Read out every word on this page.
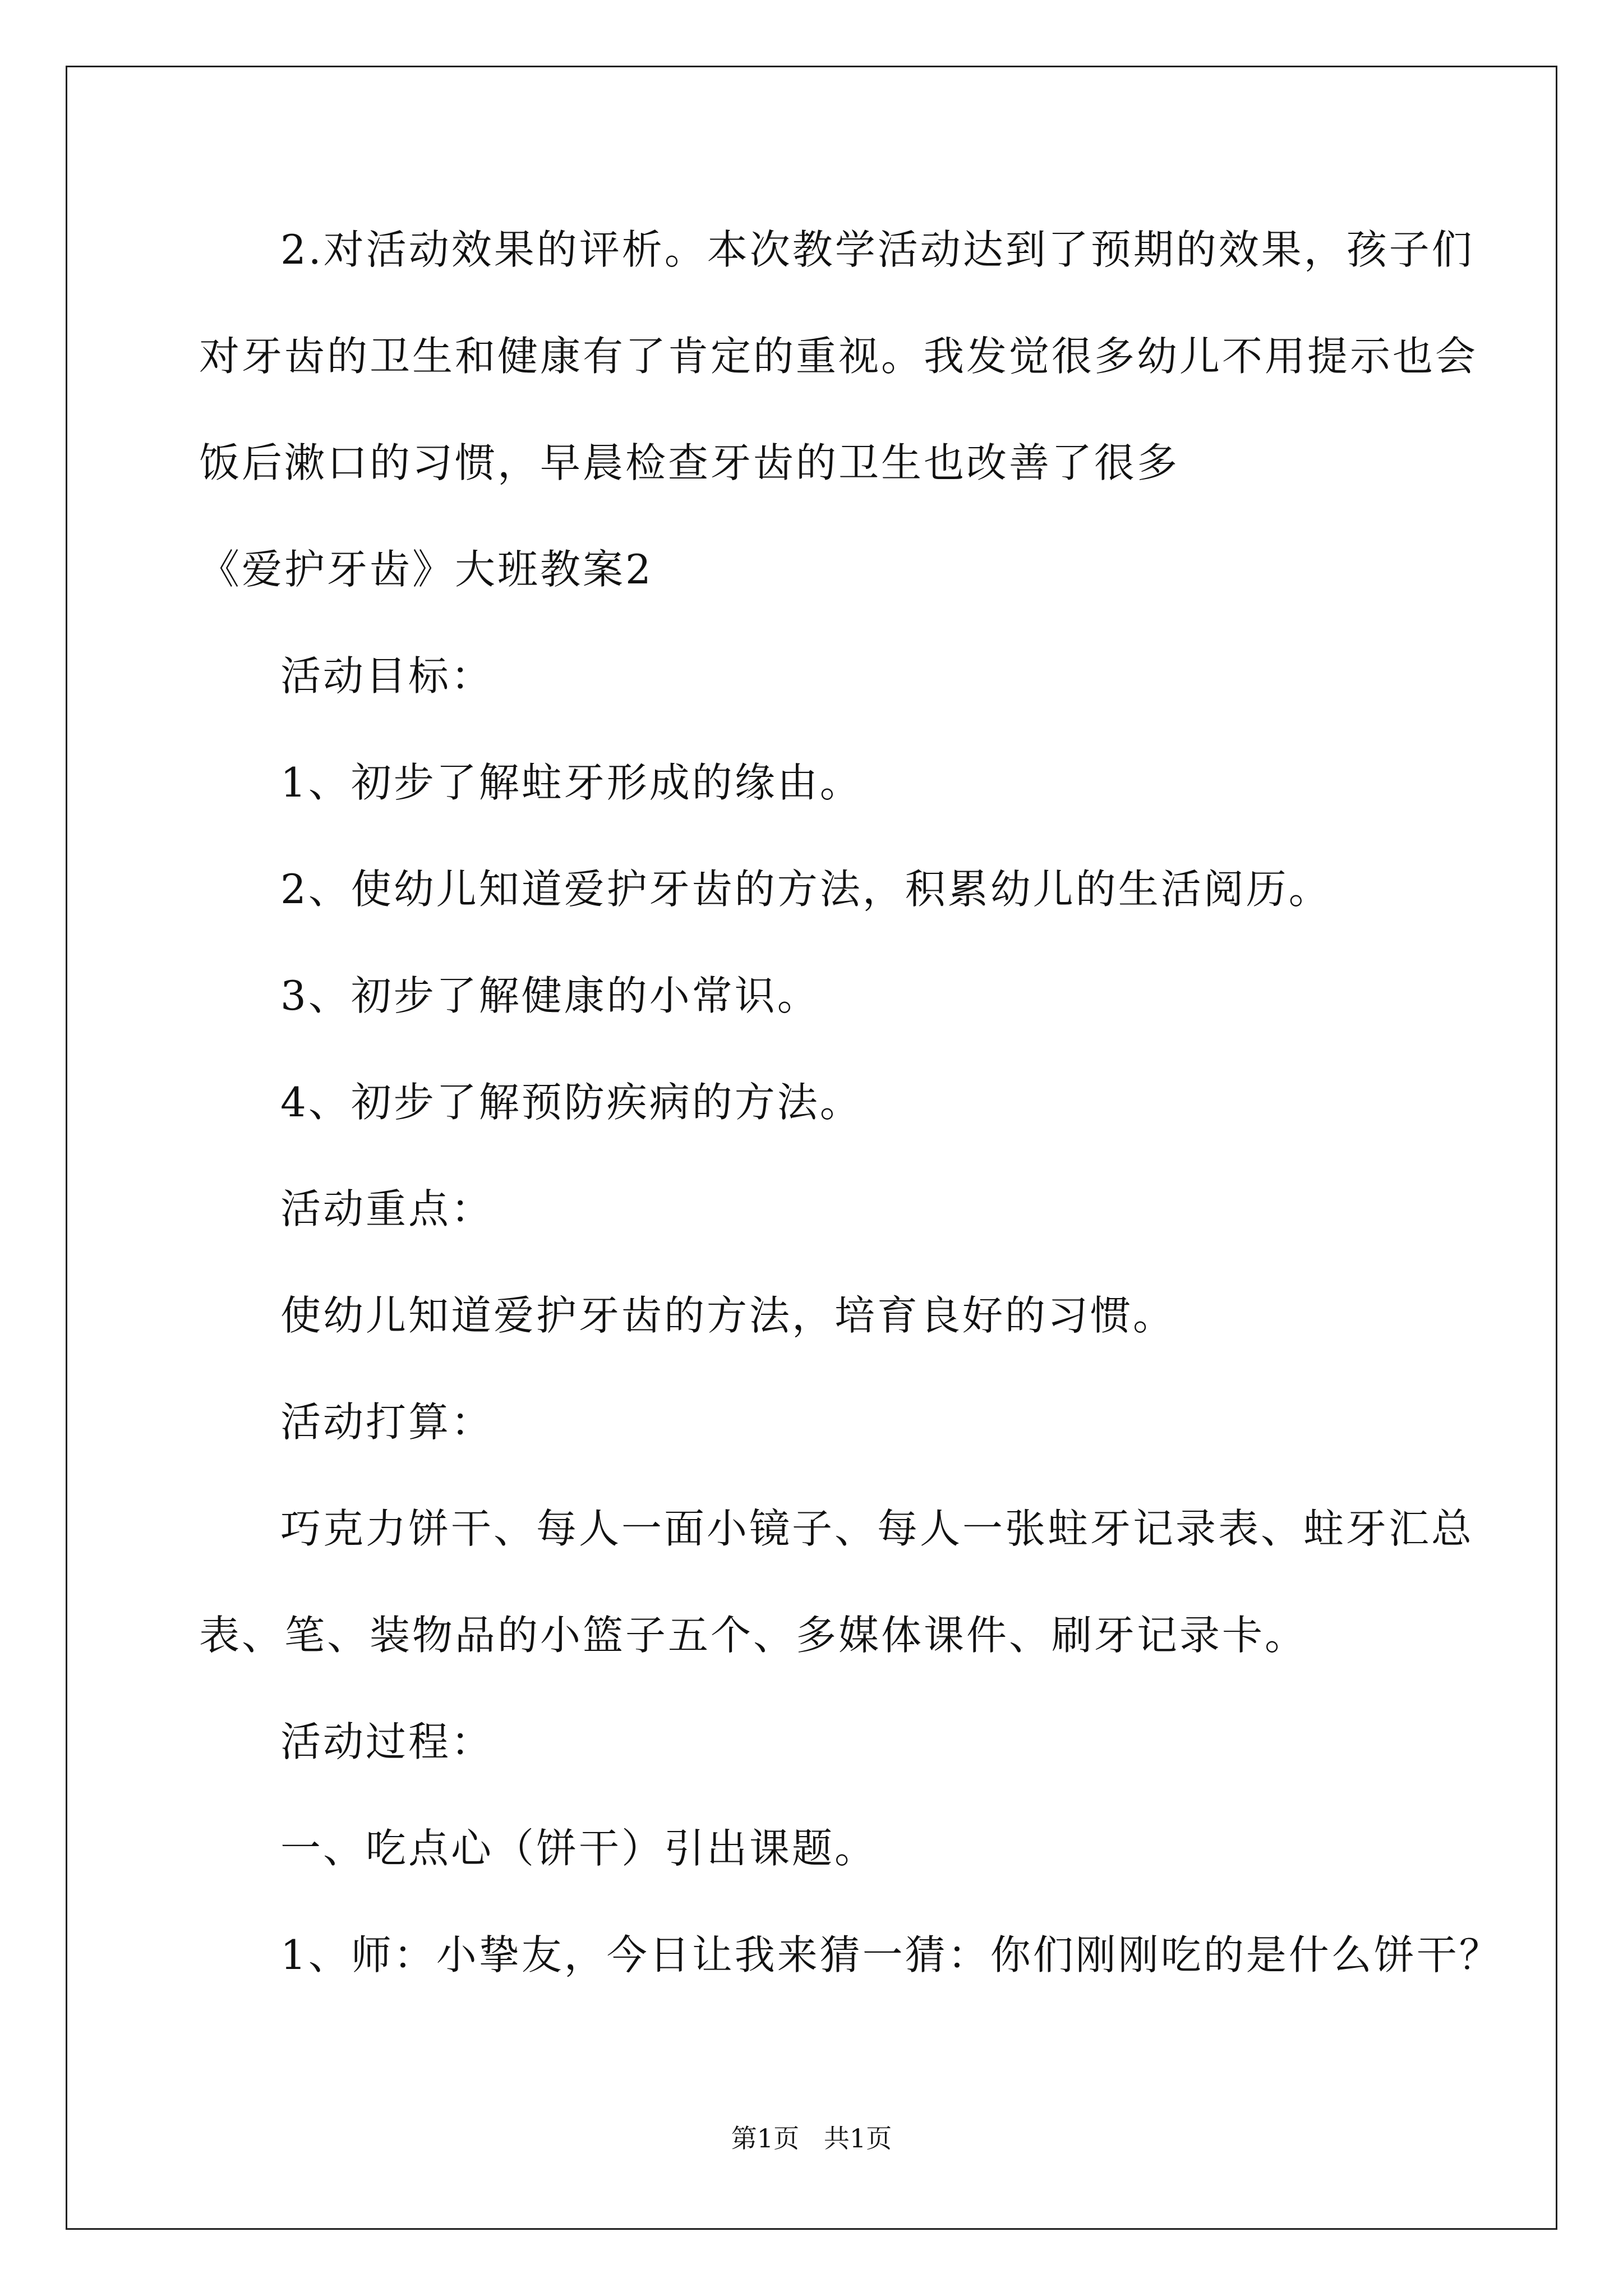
2.对活动效果的评析。本次教学活动达到了预期的效果，孩子们
对牙齿的卫生和健康有了肯定的重视。我发觉很多幼儿不用提示也会
饭后漱口的习惯，早晨检查牙齿的卫生也改善了很多
《爱护牙齿》大班教案2
活动目标：
1、初步了解蛀牙形成的缘由。
2、使幼儿知道爱护牙齿的方法，积累幼儿的生活阅历。
3、初步了解健康的小常识。
4、初步了解预防疾病的方法。
活动重点：
使幼儿知道爱护牙齿的方法，培育良好的习惯。
活动打算：
巧克力饼干、每人一面小镜子、每人一张蛀牙记录表、蛀牙汇总
表、笔、装物品的小篮子五个、多媒体课件、刷牙记录卡。
活动过程：
一、吃点心（饼干）引出课题。
1、师：小挚友，今日让我来猜一猜：你们刚刚吃的是什么饼干？
第1页   共1页
